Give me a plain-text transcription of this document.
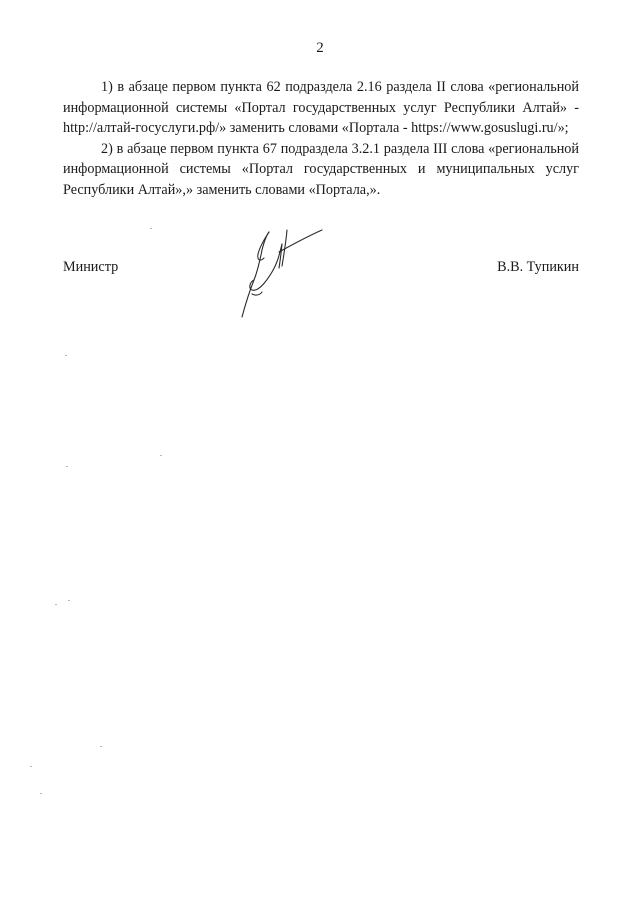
2

1) в абзаце первом пункта 62 подраздела 2.16 раздела II слова «региональной информационной системы «Портал государственных услуг Республики Алтай» - http://алтай-госуслуги.рф/» заменить словами «Портала - https://www.gosuslugi.ru/»;

2) в абзаце первом пункта 67 подраздела 3.2.1 раздела III слова «региональной информационной системы «Портал государственных и муниципальных услуг Республики Алтай»,» заменить словами «Портала,».

Министр	В.В. Тупикин
